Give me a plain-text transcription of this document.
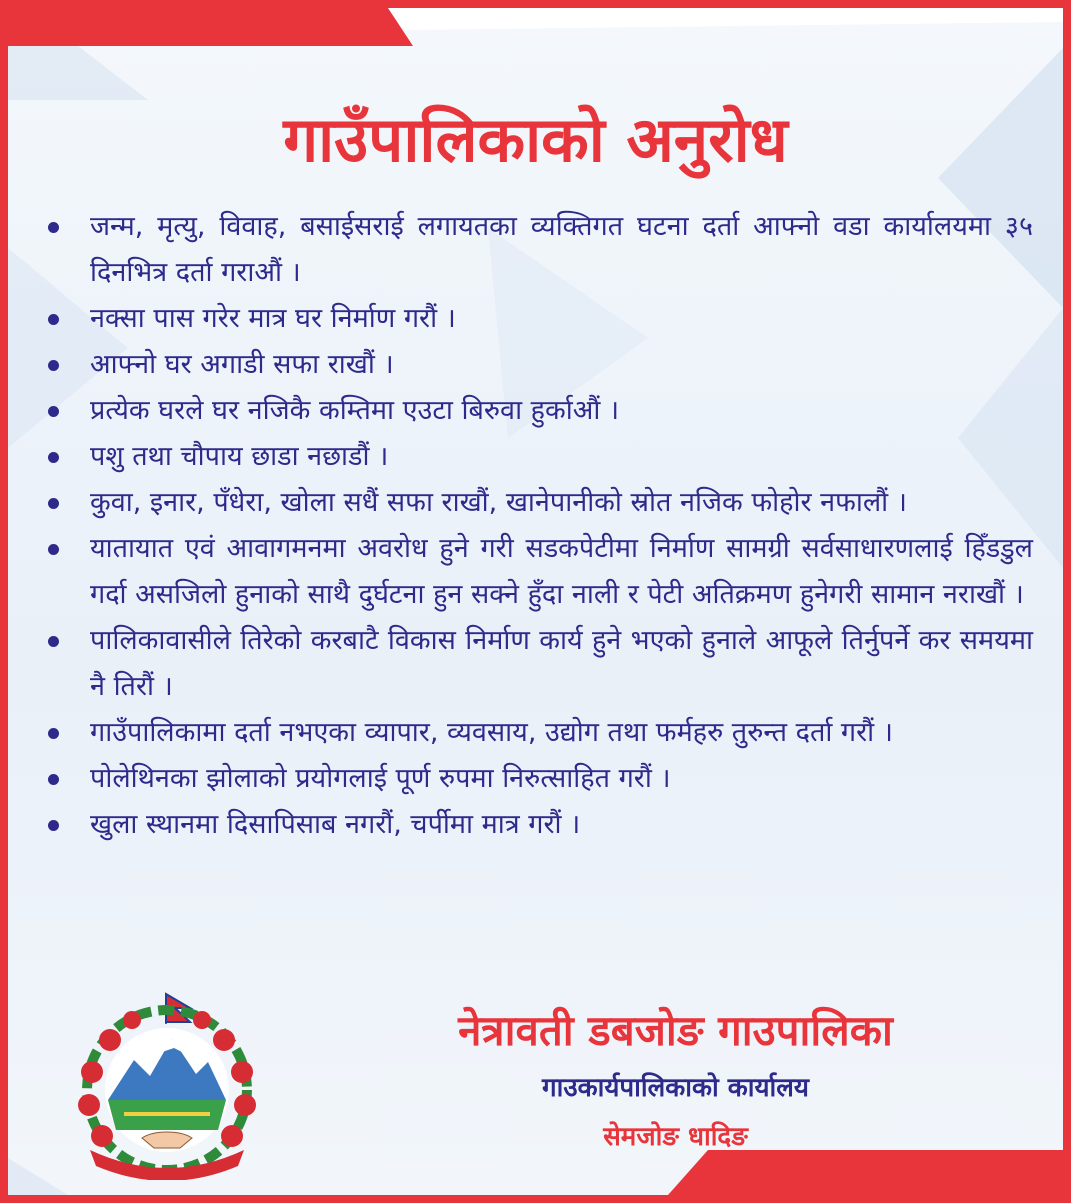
गाउँपालिकाको अनुरोध
जन्म, मृत्यु, विवाह, बसाईसराई लगायतका व्यक्तिगत घटना दर्ता आफ्नो वडा कार्यालयमा ३५ दिनभित्र दर्ता गराऔं ।
नक्सा पास गरेर मात्र घर निर्माण गरौं ।
आफ्नो घर अगाडी सफा राखौं ।
प्रत्येक घरले घर नजिकै कम्तिमा एउटा बिरुवा हुर्काऔं ।
पशु तथा चौपाय छाडा नछाडौं ।
कुवा, इनार, पँधेरा, खोला सधैं सफा राखौं, खानेपानीको स्रोत नजिक फोहोर नफालौं ।
यातायात एवं आवागमनमा अवरोध हुने गरी सडकपेटीमा निर्माण सामग्री सर्वसाधारणलाई हिँडडुल गर्दा असजिलो हुनाको साथै दुर्घटना हुन सक्ने हुँदा नाली र पेटी अतिक्रमण हुनेगरी सामान नराखौं ।
पालिकावासीले तिरेको करबाटै विकास निर्माण कार्य हुने भएको हुनाले आफूले तिर्नुपर्ने कर समयमा नै तिरौं ।
गाउँपालिकामा दर्ता नभएका व्यापार, व्यवसाय, उद्योग तथा फर्महरु तुरुन्त दर्ता गरौं ।
पोलेथिनका झोलाको प्रयोगलाई पूर्ण रुपमा निरुत्साहित गरौं ।
खुला स्थानमा दिसापिसाब नगरौं, चर्पीमा मात्र गरौं ।
नेत्रावती डबजोङ गाउपालिका

गाउकार्यपालिकाको कार्यालय

सेमजोङ धादिङ
